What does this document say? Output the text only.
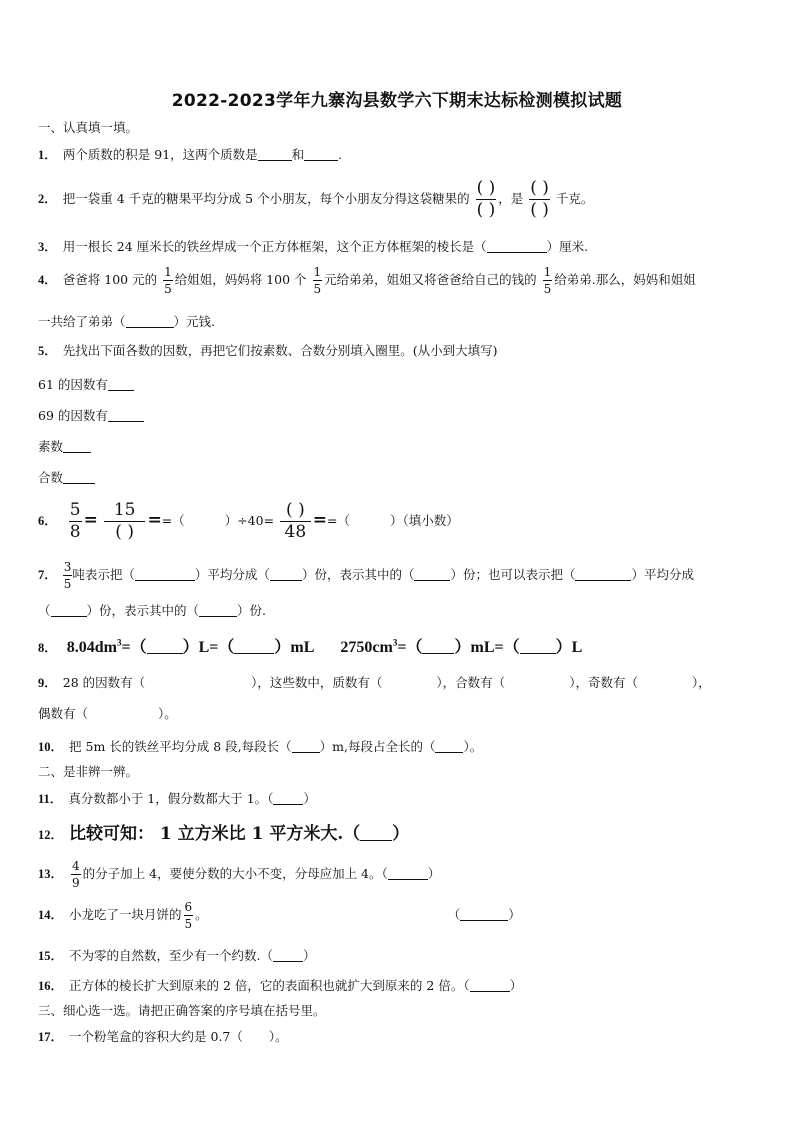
2022-2023学年九寨沟县数学六下期末达标检测模拟试题
一、认真填一填。
1． 两个质数的积是 91，这两个质数是	和	.
2． 把一袋重 4 千克的糖果平均分成 5 个小朋友，每个小朋友分得这袋糖果的 $\frac{( )}{( )}$ ，是 $\frac{( )}{( )}$ 千克。
3． 用一根长 24 厘米长的铁丝焊成一个正方体框架，这个正方体框架的棱长是（	）厘米.
4． 爸爸将 100 元的 $\frac{1}{5}$ 给姐姐，妈妈将 100 个 $\frac{1}{5}$ 元给弟弟，姐姐又将爸爸给自己的钱的 $\frac{1}{5}$ 给弟弟.那么，妈妈和姐姐
一共给了弟弟（	）元钱.
5． 先找出下面各数的因数，再把它们按素数、合数分别填入圈里。(从小到大填写)
61 的因数有
69 的因数有
素数
合数
6． $\frac{5}{8} = \frac{15}{( )}$ ==（	）$\div 40= \frac{( )}{48}$ ==（	）（填小数）
7． $\frac{3}{5}$ 吨表示把（	）平均分成（	）份，表示其中的（	）份；也可以表示把（	）平均分成
（	）份，表示其中的（	）份.
8． $8.04dm^3=$（ ）L=（	）mL $2750cm^3=$（ ）mL=（ ）L
9． 28 的因数有（	），这些数中，质数有（	），合数有（	），奇数有（	），
偶数有（	）。
10． 把 5m 长的铁丝平均分成 8 段,每段长（ ）m,每段占全长的（ ）。
二、是非辨一辨。
11． 真分数都小于 1，假分数都大于 1。（ ）
12． 比较可知： 1 立方米比 1 平方米大.（ ）
13． $\frac{4}{9}$ 的分子加上 4，要使分数的大小不变，分母应加上 4。（	）
14． 小龙吃了一块月饼的 $\frac{6}{5}$ 。	（	）
15． 不为零的自然数，至少有一个约数.（ ）
16． 正方体的棱长扩大到原来的 2 倍，它的表面积也就扩大到原来的 2 倍。（	）
三、细心选一选。请把正确答案的序号填在括号里。
17． 一个粉笔盒的容积大约是 0.7（ ）。
